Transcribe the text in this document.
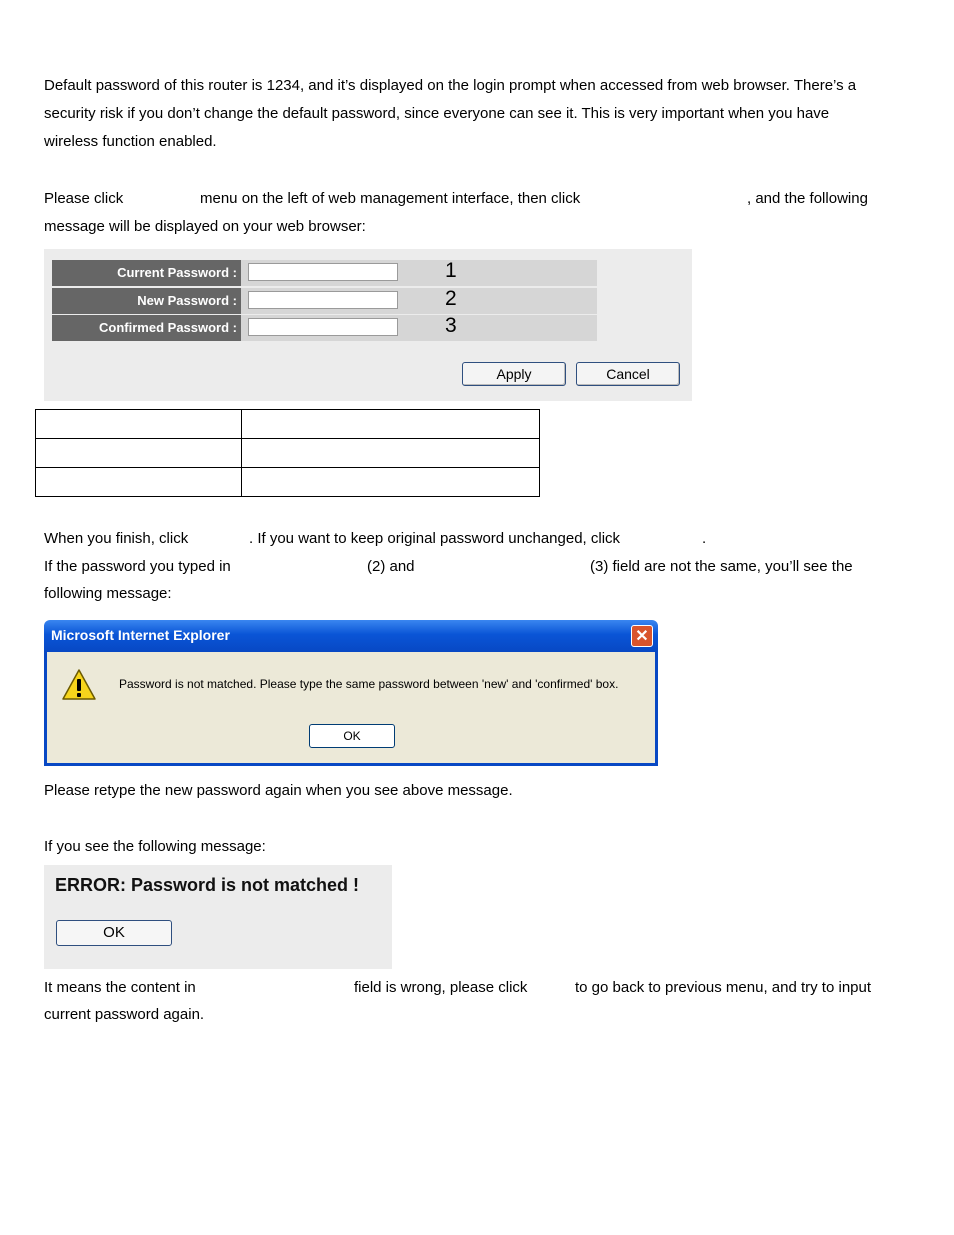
Default password of this router is 1234, and it’s displayed on the login prompt when accessed from web browser. There’s a
security risk if you don’t change the default password, since everyone can see it. This is very important when you have
wireless function enabled.
Please click	menu on the left of web management interface, then click	, and the following
message will be displayed on your web browser:
Current Password :	1
New Password :	2
Confirmed Password :	3
Apply	Cancel

When you finish, click	. If you want to keep original password unchanged, click	.
If the password you typed in	(2) and	(3) field are not the same, you’ll see the
following message:
Microsoft Internet Explorer	✕
Password is not matched. Please type the same password between 'new' and 'confirmed' box.
OK
Please retype the new password again when you see above message.
If you see the following message:
ERROR: Password is not matched !
OK
It means the content in	field is wrong, please click	to go back to previous menu, and try to input
current password again.
